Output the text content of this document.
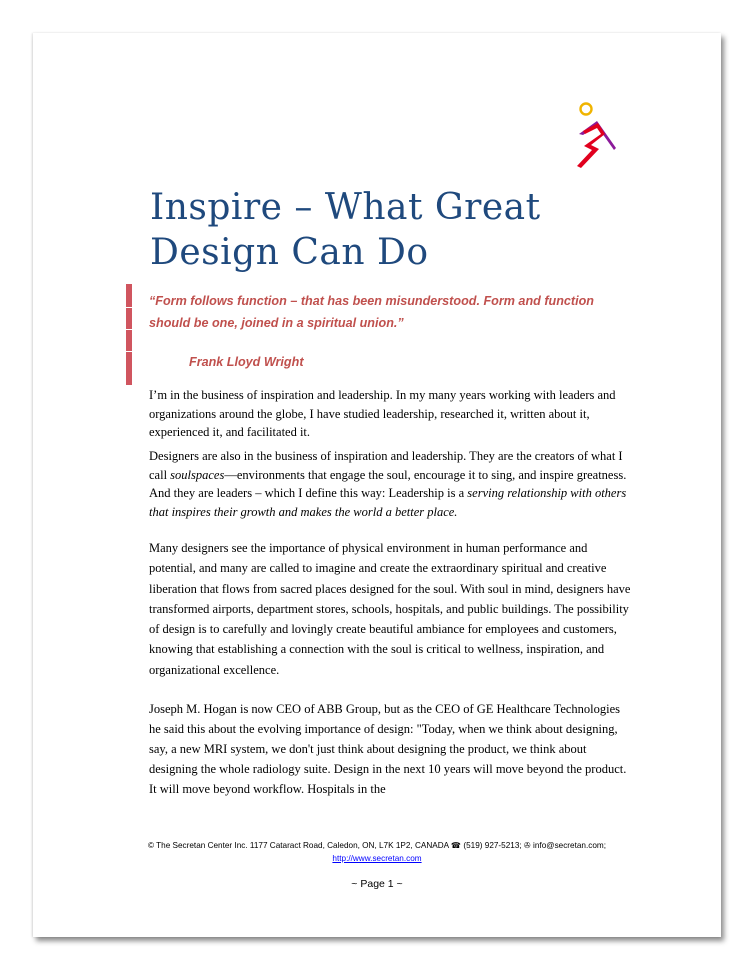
Inspire – What Great Design Can Do

“Form follows function – that has been misunderstood. Form and function should be one, joined in a spiritual union.”

Frank Lloyd Wright

I’m in the business of inspiration and leadership. In my many years working with leaders and organizations around the globe, I have studied leadership, researched it, written about it, experienced it, and facilitated it.

Designers are also in the business of inspiration and leadership. They are the creators of what I call soulspaces—environments that engage the soul, encourage it to sing, and inspire greatness. And they are leaders – which I define this way: Leadership is a serving relationship with others that inspires their growth and makes the world a better place.

Many designers see the importance of physical environment in human performance and potential, and many are called to imagine and create the extraordinary spiritual and creative liberation that flows from sacred places designed for the soul. With soul in mind, designers have transformed airports, department stores, schools, hospitals, and public buildings. The possibility of design is to carefully and lovingly create beautiful ambiance for employees and customers, knowing that establishing a connection with the soul is critical to wellness, inspiration, and organizational excellence.

Joseph M. Hogan is now CEO of ABB Group, but as the CEO of GE Healthcare Technologies he said this about the evolving importance of design: "Today, when we think about designing, say, a new MRI system, we don't just think about designing the product, we think about designing the whole radiology suite. Design in the next 10 years will move beyond the product. It will move beyond workflow. Hospitals in the

© The Secretan Center Inc. 1177 Cataract Road, Caledon, ON, L7K 1P2, CANADA ☎ (519) 927-5213; ✇ info@secretan.com;
http://www.secretan.com
~ Page 1 ~
